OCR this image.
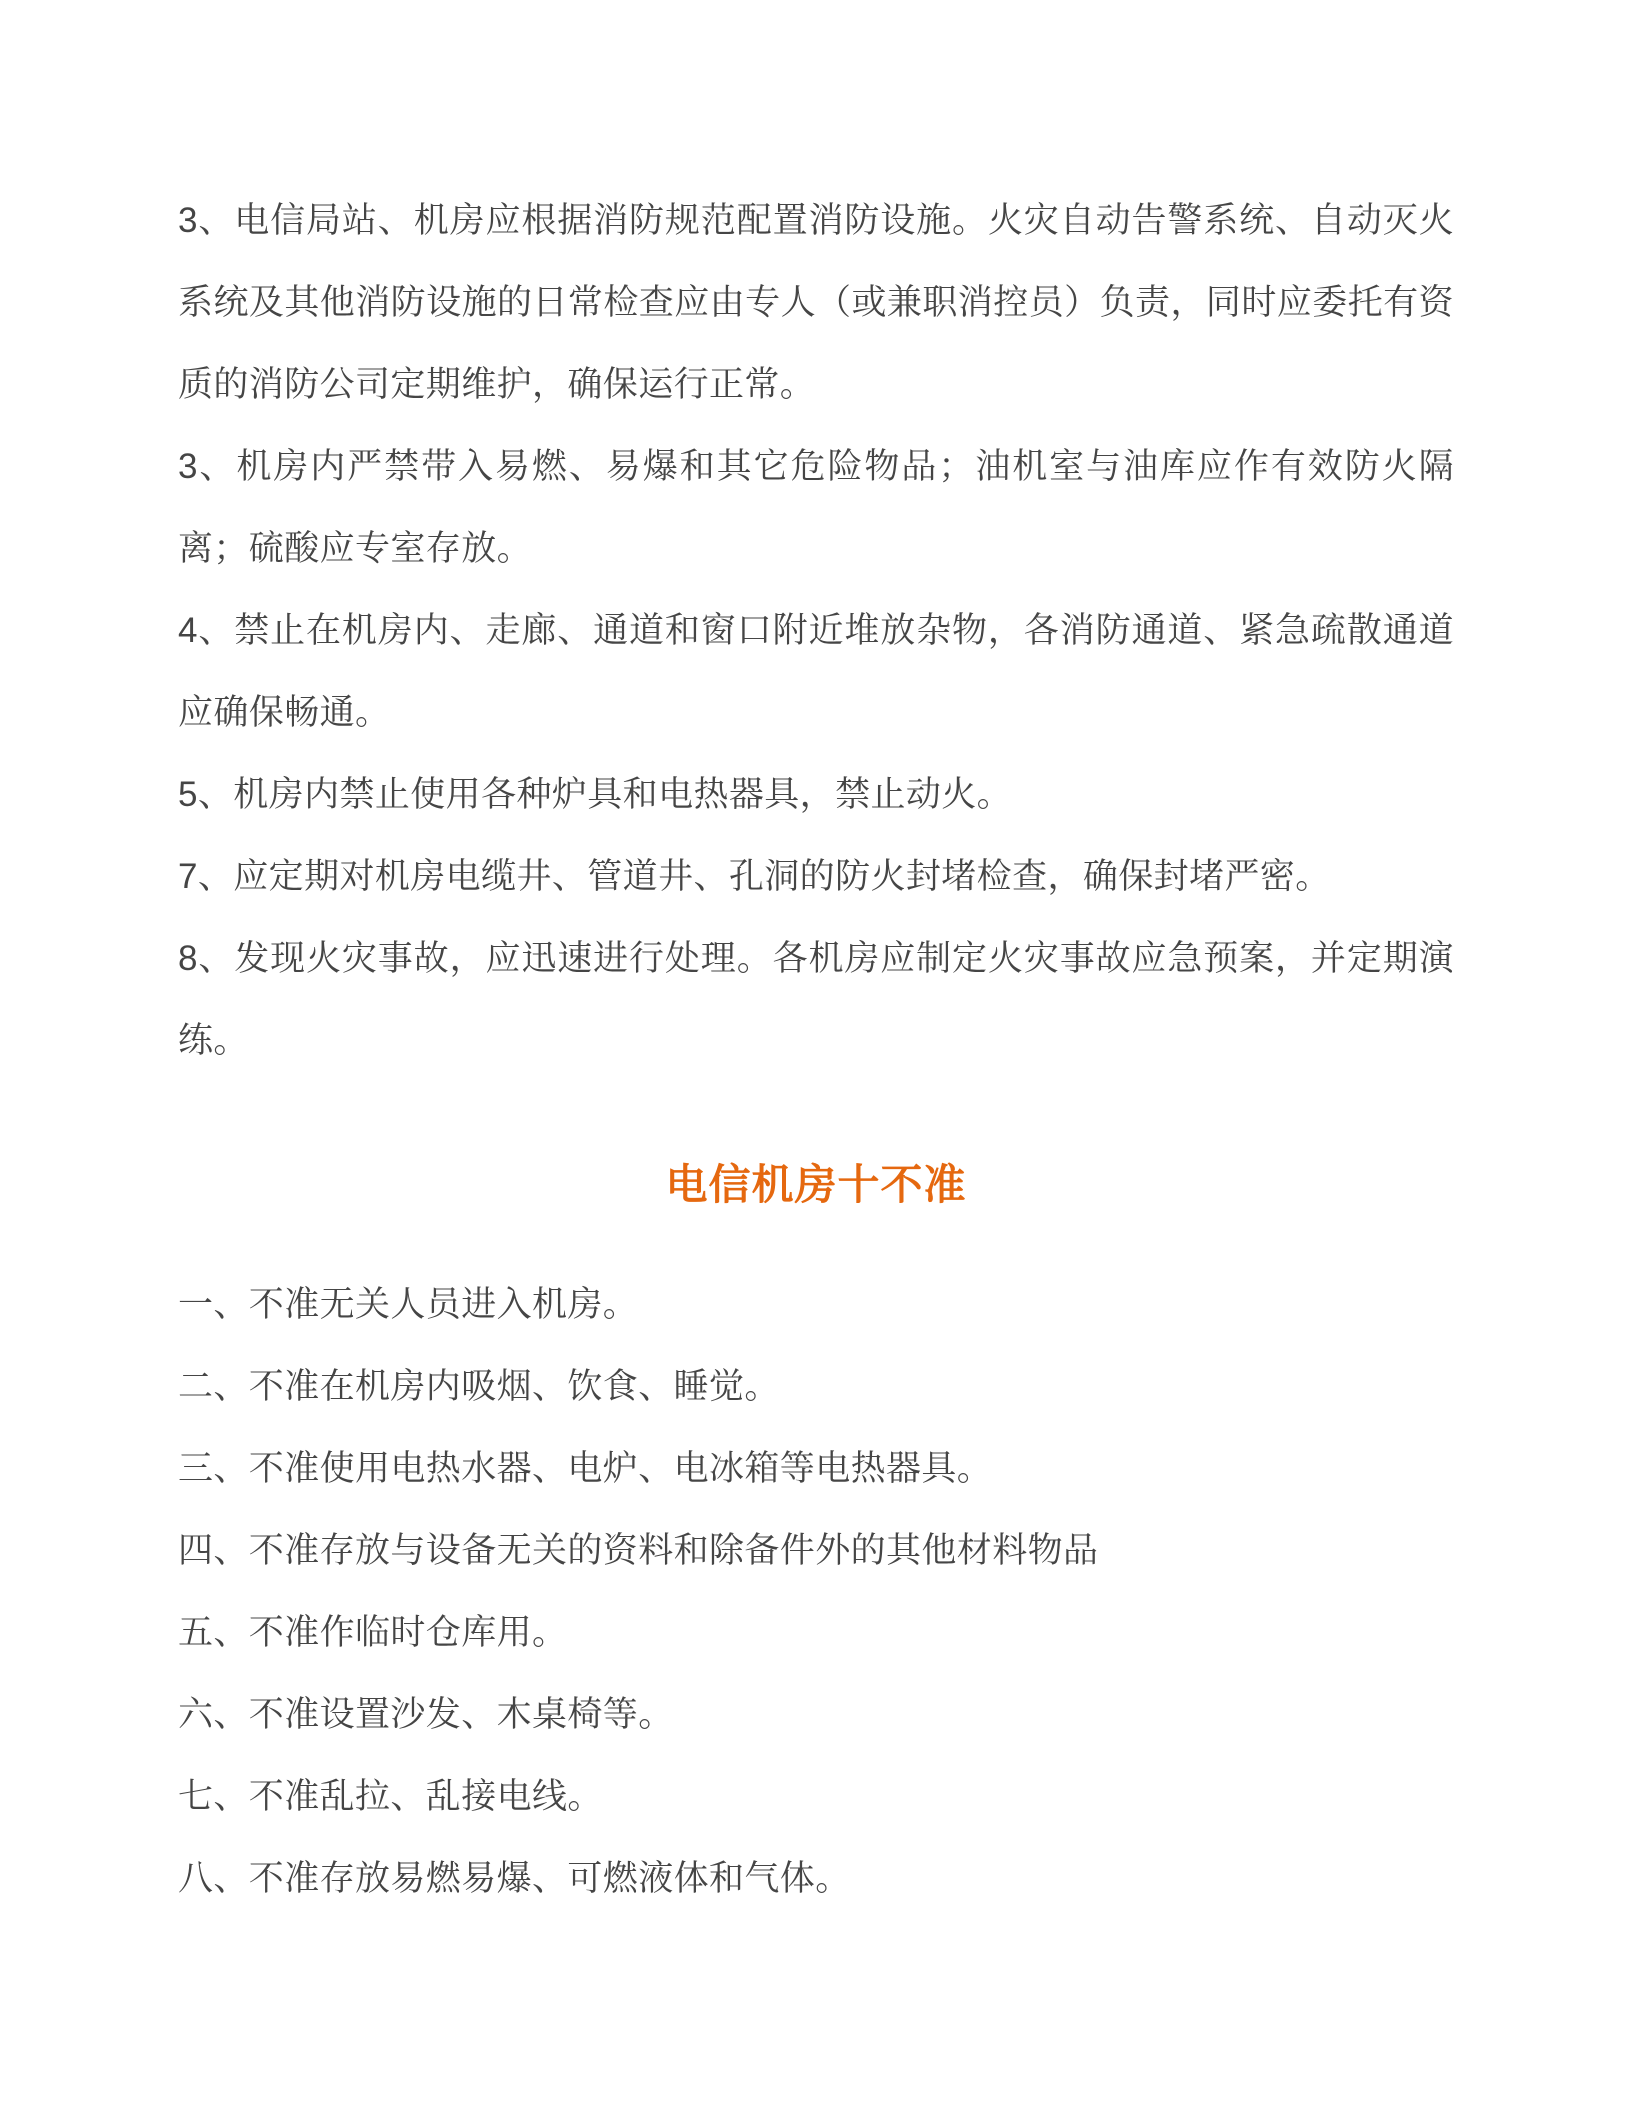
3、电信局站、机房应根据消防规范配置消防设施。火灾自动告警系统、自动灭火系统及其他消防设施的日常检查应由专人（或兼职消控员）负责，同时应委托有资质的消防公司定期维护，确保运行正常。

3、机房内严禁带入易燃、易爆和其它危险物品；油机室与油库应作有效防火隔离；硫酸应专室存放。

4、禁止在机房内、走廊、通道和窗口附近堆放杂物，各消防通道、紧急疏散通道应确保畅通。

5、机房内禁止使用各种炉具和电热器具，禁止动火。

7、应定期对机房电缆井、管道井、孔洞的防火封堵检查，确保封堵严密。

8、发现火灾事故，应迅速进行处理。各机房应制定火灾事故应急预案，并定期演练。

电信机房十不准

一、不准无关人员进入机房。

二、不准在机房内吸烟、饮食、睡觉。

三、不准使用电热水器、电炉、电冰箱等电热器具。

四、不准存放与设备无关的资料和除备件外的其他材料物品

五、不准作临时仓库用。

六、不准设置沙发、木桌椅等。

七、不准乱拉、乱接电线。

八、不准存放易燃易爆、可燃液体和气体。
